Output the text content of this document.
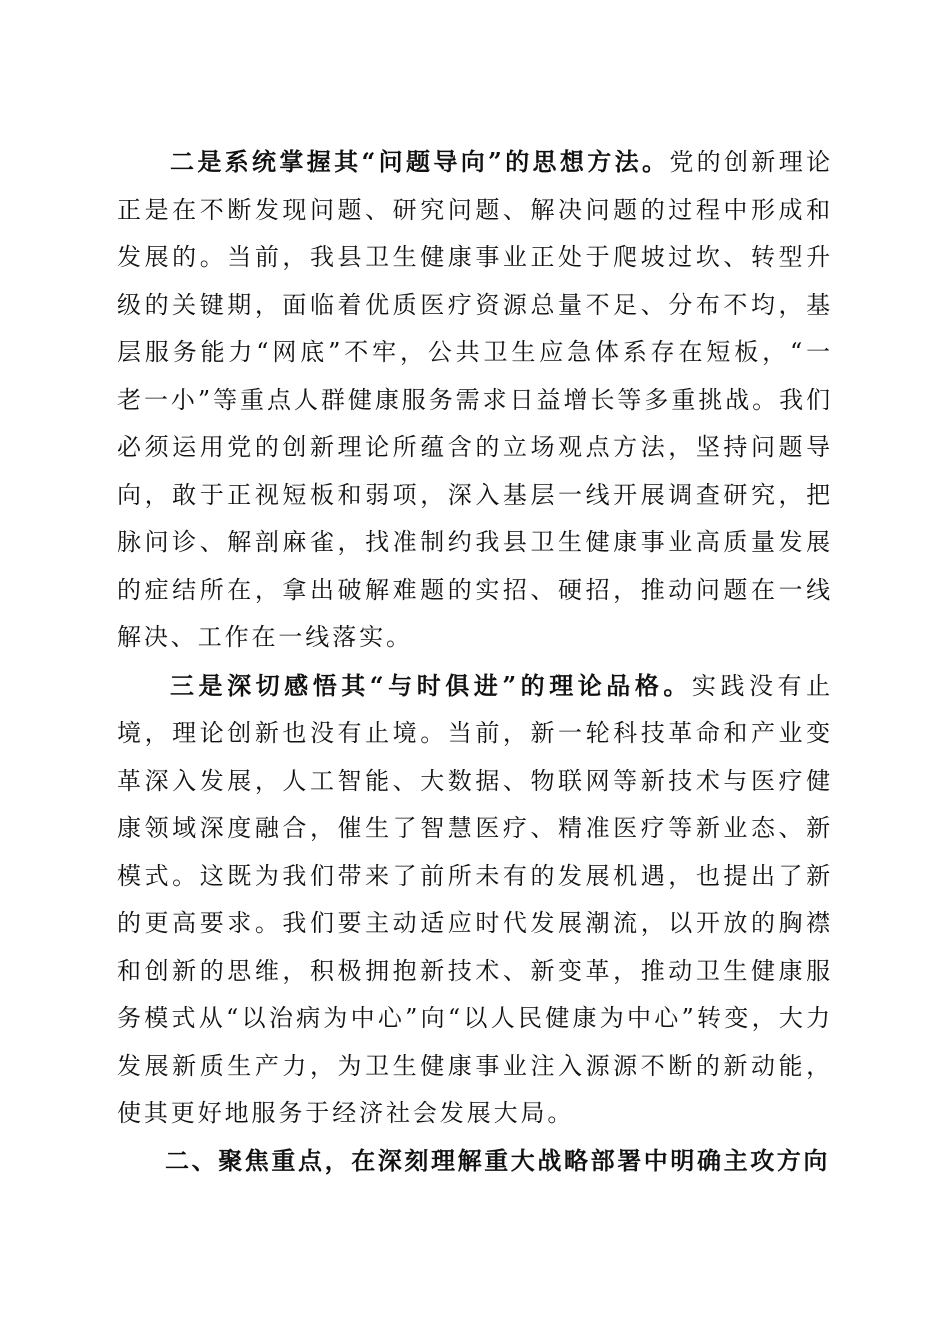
二是系统掌握其“问题导向”的思想方法。党的创新理论正是在不断发现问题、研究问题、解决问题的过程中形成和发展的。当前，我县卫生健康事业正处于爬坡过坎、转型升级的关键期，面临着优质医疗资源总量不足、分布不均，基层服务能力“网底”不牢，公共卫生应急体系存在短板，“一老一小”等重点人群健康服务需求日益增长等多重挑战。我们必须运用党的创新理论所蕴含的立场观点方法，坚持问题导向，敢于正视短板和弱项，深入基层一线开展调查研究，把脉问诊、解剖麻雀，找准制约我县卫生健康事业高质量发展的症结所在，拿出破解难题的实招、硬招，推动问题在一线解决、工作在一线落实。

三是深切感悟其“与时俱进”的理论品格。实践没有止境，理论创新也没有止境。当前，新一轮科技革命和产业变革深入发展，人工智能、大数据、物联网等新技术与医疗健康领域深度融合，催生了智慧医疗、精准医疗等新业态、新模式。这既为我们带来了前所未有的发展机遇，也提出了新的更高要求。我们要主动适应时代发展潮流，以开放的胸襟和创新的思维，积极拥抱新技术、新变革，推动卫生健康服务模式从“以治病为中心”向“以人民健康为中心”转变，大力发展新质生产力，为卫生健康事业注入源源不断的新动能，使其更好地服务于经济社会发展大局。

二、聚焦重点，在深刻理解重大战略部署中明确主攻方向
